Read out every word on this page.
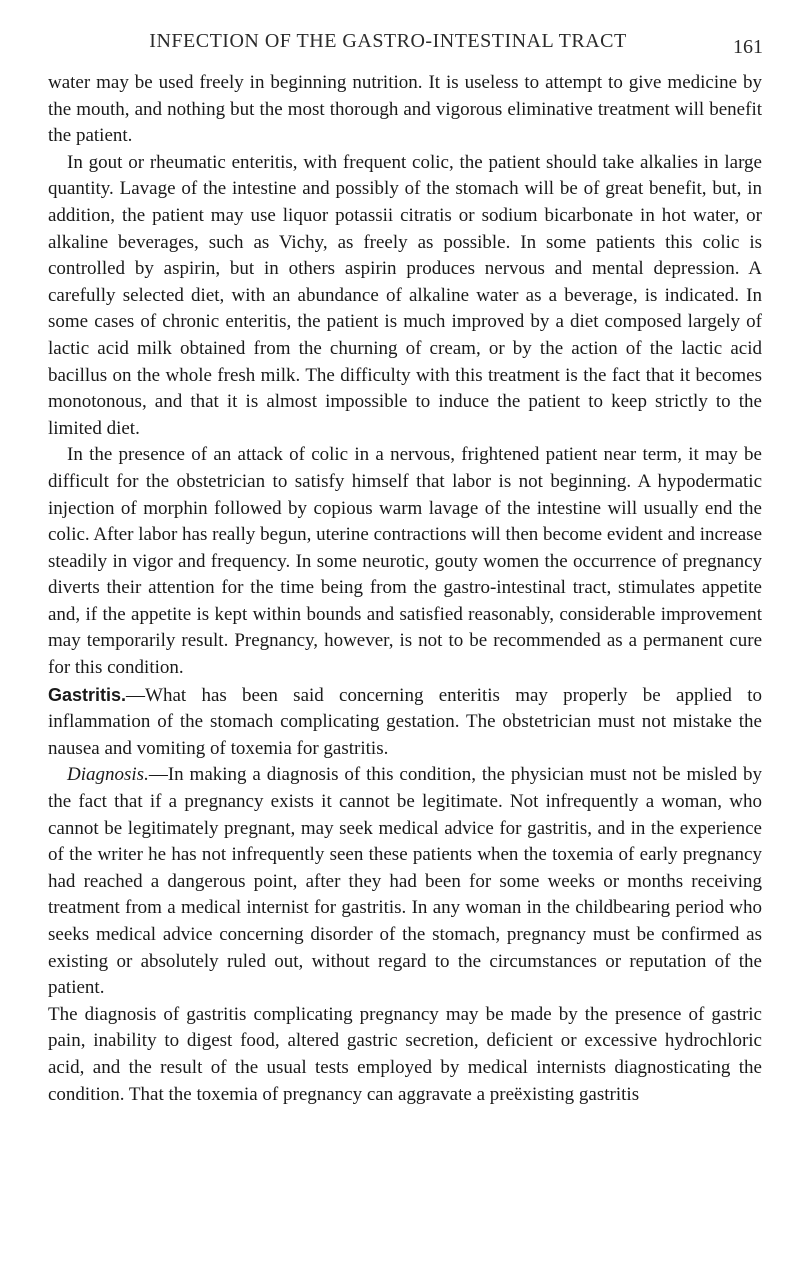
INFECTION OF THE GASTRO-INTESTINAL TRACT	161

water may be used freely in beginning nutrition. It is useless to attempt to give medicine by the mouth, and nothing but the most thorough and vigorous eliminative treatment will benefit the patient.

In gout or rheumatic enteritis, with frequent colic, the patient should take alkalies in large quantity. Lavage of the intestine and possibly of the stomach will be of great benefit, but, in addition, the patient may use liquor potassii citratis or sodium bicarbonate in hot water, or alkaline beverages, such as Vichy, as freely as possible. In some patients this colic is controlled by aspirin, but in others aspirin produces nervous and mental depression. A carefully selected diet, with an abundance of alkaline water as a beverage, is indicated. In some cases of chronic enteritis, the patient is much improved by a diet composed largely of lactic acid milk obtained from the churning of cream, or by the action of the lactic acid bacillus on the whole fresh milk. The difficulty with this treatment is the fact that it becomes monotonous, and that it is almost impossible to induce the patient to keep strictly to the limited diet.

In the presence of an attack of colic in a nervous, frightened patient near term, it may be difficult for the obstetrician to satisfy himself that labor is not beginning. A hypodermatic injection of morphin followed by copious warm lavage of the intestine will usually end the colic. After labor has really begun, uterine contractions will then become evident and increase steadily in vigor and frequency. In some neurotic, gouty women the occurrence of pregnancy diverts their attention for the time being from the gastro-intestinal tract, stimulates appetite and, if the appetite is kept within bounds and satisfied reasonably, considerable improvement may temporarily result. Pregnancy, however, is not to be recommended as a permanent cure for this condition.

Gastritis.—What has been said concerning enteritis may properly be applied to inflammation of the stomach complicating gestation. The obstetrician must not mistake the nausea and vomiting of toxemia for gastritis.

Diagnosis.—In making a diagnosis of this condition, the physician must not be misled by the fact that if a pregnancy exists it cannot be legitimate. Not infrequently a woman, who cannot be legitimately pregnant, may seek medical advice for gastritis, and in the experience of the writer he has not infrequently seen these patients when the toxemia of early pregnancy had reached a dangerous point, after they had been for some weeks or months receiving treatment from a medical internist for gastritis. In any woman in the childbearing period who seeks medical advice concerning disorder of the stomach, pregnancy must be confirmed as existing or absolutely ruled out, without regard to the circumstances or reputation of the patient.

The diagnosis of gastritis complicating pregnancy may be made by the presence of gastric pain, inability to digest food, altered gastric secretion, deficient or excessive hydrochloric acid, and the result of the usual tests employed by medical internists diagnosticating the condition. That the toxemia of pregnancy can aggravate a preëxisting gastritis
